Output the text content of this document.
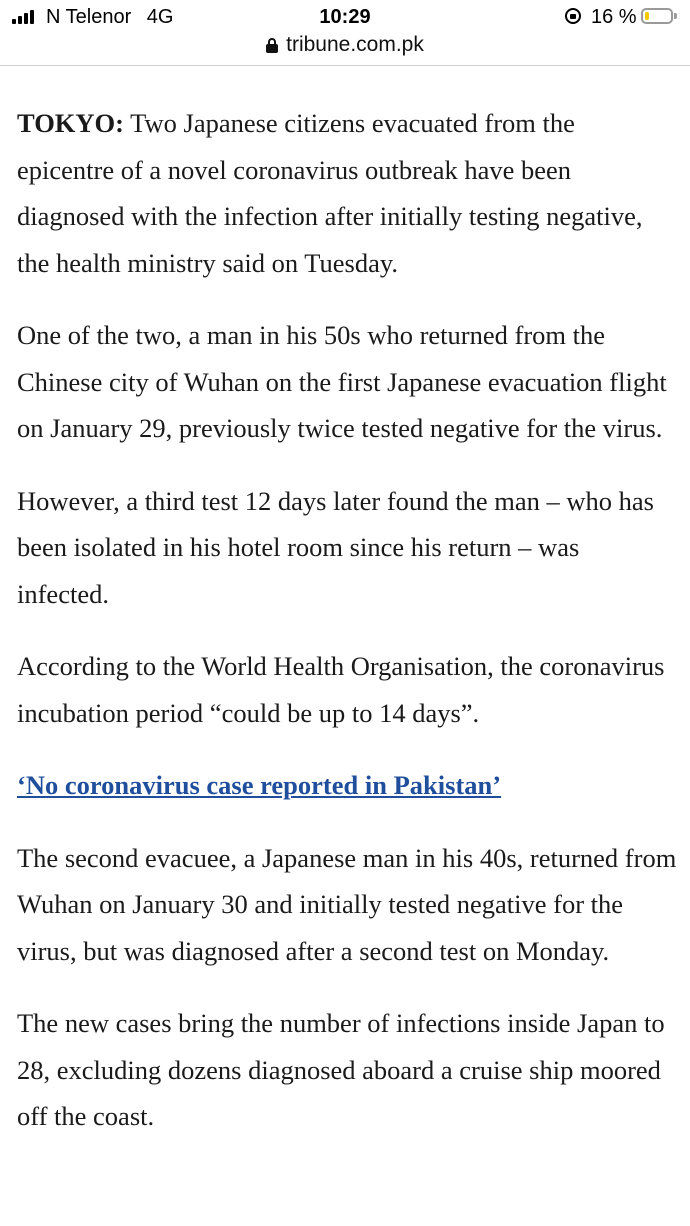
N Telenor 4G	10:29	16 %
tribune.com.pk

TOKYO: Two Japanese citizens evacuated from the epicentre of a novel coronavirus outbreak have been diagnosed with the infection after initially testing negative, the health ministry said on Tuesday.

One of the two, a man in his 50s who returned from the Chinese city of Wuhan on the first Japanese evacuation flight on January 29, previously twice tested negative for the virus.

However, a third test 12 days later found the man – who has been isolated in his hotel room since his return – was infected.

According to the World Health Organisation, the coronavirus incubation period “could be up to 14 days”.

‘No coronavirus case reported in Pakistan’

The second evacuee, a Japanese man in his 40s, returned from Wuhan on January 30 and initially tested negative for the virus, but was diagnosed after a second test on Monday.

The new cases bring the number of infections inside Japan to 28, excluding dozens diagnosed aboard a cruise ship moored off the coast.
